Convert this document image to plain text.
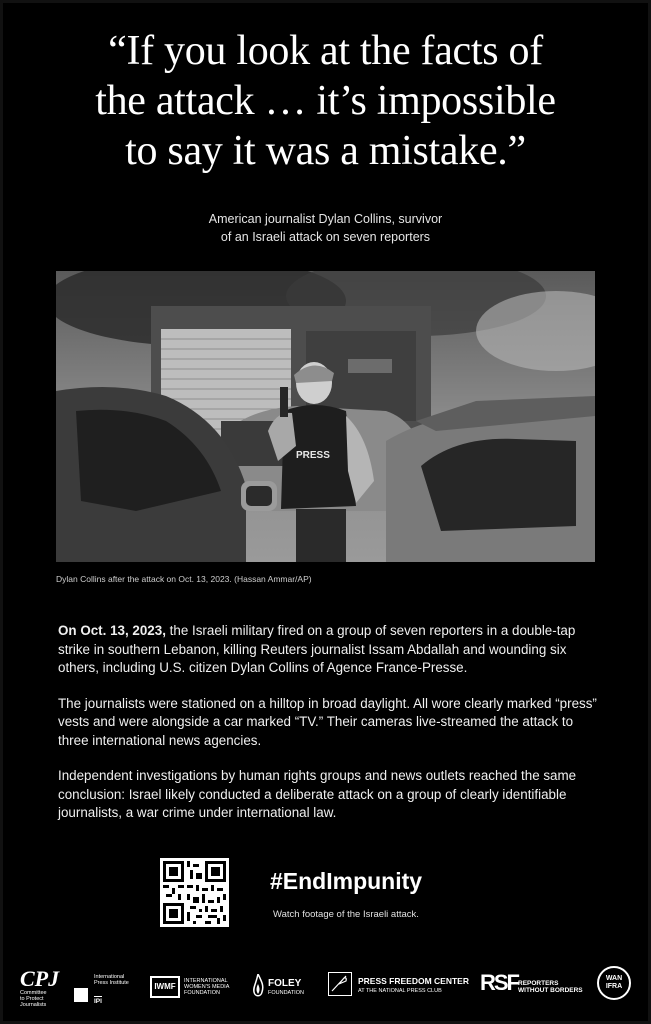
“If you look at the facts of
the attack … it’s impossible
to say it was a mistake.”
American journalist Dylan Collins, survivor
of an Israeli attack on seven reporters
PRESS
Dylan Collins after the attack on Oct. 13, 2023. (Hassan Ammar/AP)

On Oct. 13, 2023, the Israeli military fired on a group of seven reporters in a double-tap strike in southern Lebanon, killing Reuters journalist Issam Abdallah and wounding six others, including U.S. citizen Dylan Collins of Agence France-Presse.

The journalists were stationed on a hilltop in broad daylight. All wore clearly marked “press” vests and were alongside a car marked “TV.” Their cameras live-streamed the attack to three international news agencies.

Independent investigations by human rights groups and news outlets reached the same conclusion: Israel likely conducted a deliberate attack on a group of clearly identifiable journalists, a war crime under international law.

#EndImpunity
Watch footage of the Israeli attack.
CPJ
Committee to Protect Journalists
International Press Institute
IPI
IWMF
INTERNATIONAL WOMEN'S MEDIA FOUNDATION
FOLEY
FOUNDATION
PRESS FREEDOM CENTER
AT THE NATIONAL PRESS CLUB RSF REPORTERS WITHOUT BORDERS
WAN IFRA
